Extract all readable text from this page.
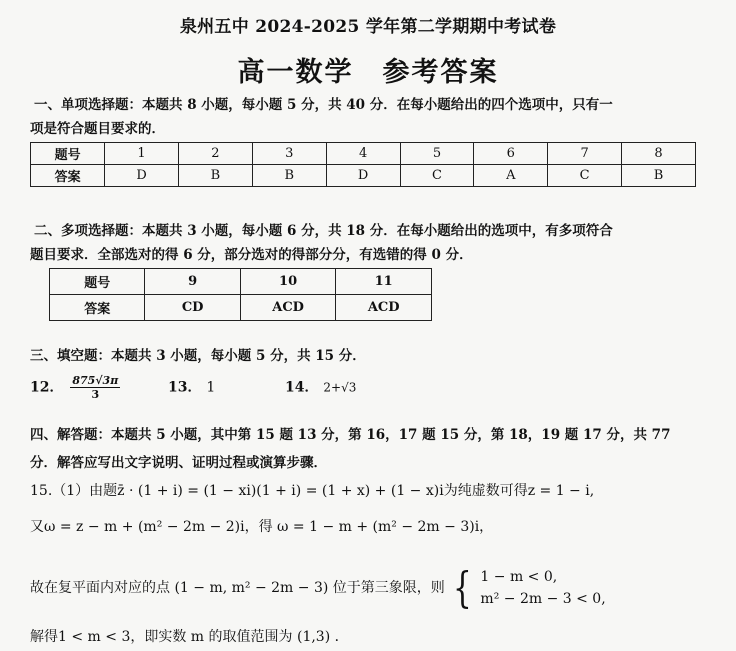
泉州五中 2024-2025 学年第二学期期中考试卷
高一数学　参考答案
一、单项选择题：本题共 8 小题，每小题 5 分，共 40 分．在每小题给出的四个选项中，只有一
项是符合题目要求的．
题号	1	2	3	4	5	6	7	8
答案	D	B	B	D	C	A	C	B
二、多项选择题：本题共 3 小题，每小题 6 分，共 18 分．在每小题给出的选项中，有多项符合
题目要求．全部选对的得 6 分，部分选对的得部分分，有选错的得 0 分．
题号	9	10	11
答案	CD	ACD	ACD
三、填空题：本题共 3 小题，每小题 5 分，共 15 分．
12． $\frac{875√3\pi}{3}$	13． 1	14． 2+√3
四、解答题：本题共 5 小题，其中第 15 题 13 分，第 16，17 题 15 分，第 18，19 题 17 分，共 77
分．解答应写出文字说明、证明过程或演算步骤．
15.（1）由题z̄ · (1 + i) = (1 − xi)(1 + i) = (1 + x) + (1 − x)i为纯虚数可得z = 1 − i,
又ω = z − m + (m² − 2m − 2)i，得 ω = 1 − m + (m² − 2m − 3)i，
故在复平面内对应的点 (1 − m, m² − 2m − 3) 位于第三象限，则 { 1 − m < 0,
m² − 2m − 3 < 0,
解得1 < m < 3，即实数 m 的取值范围为 (1,3) ．
